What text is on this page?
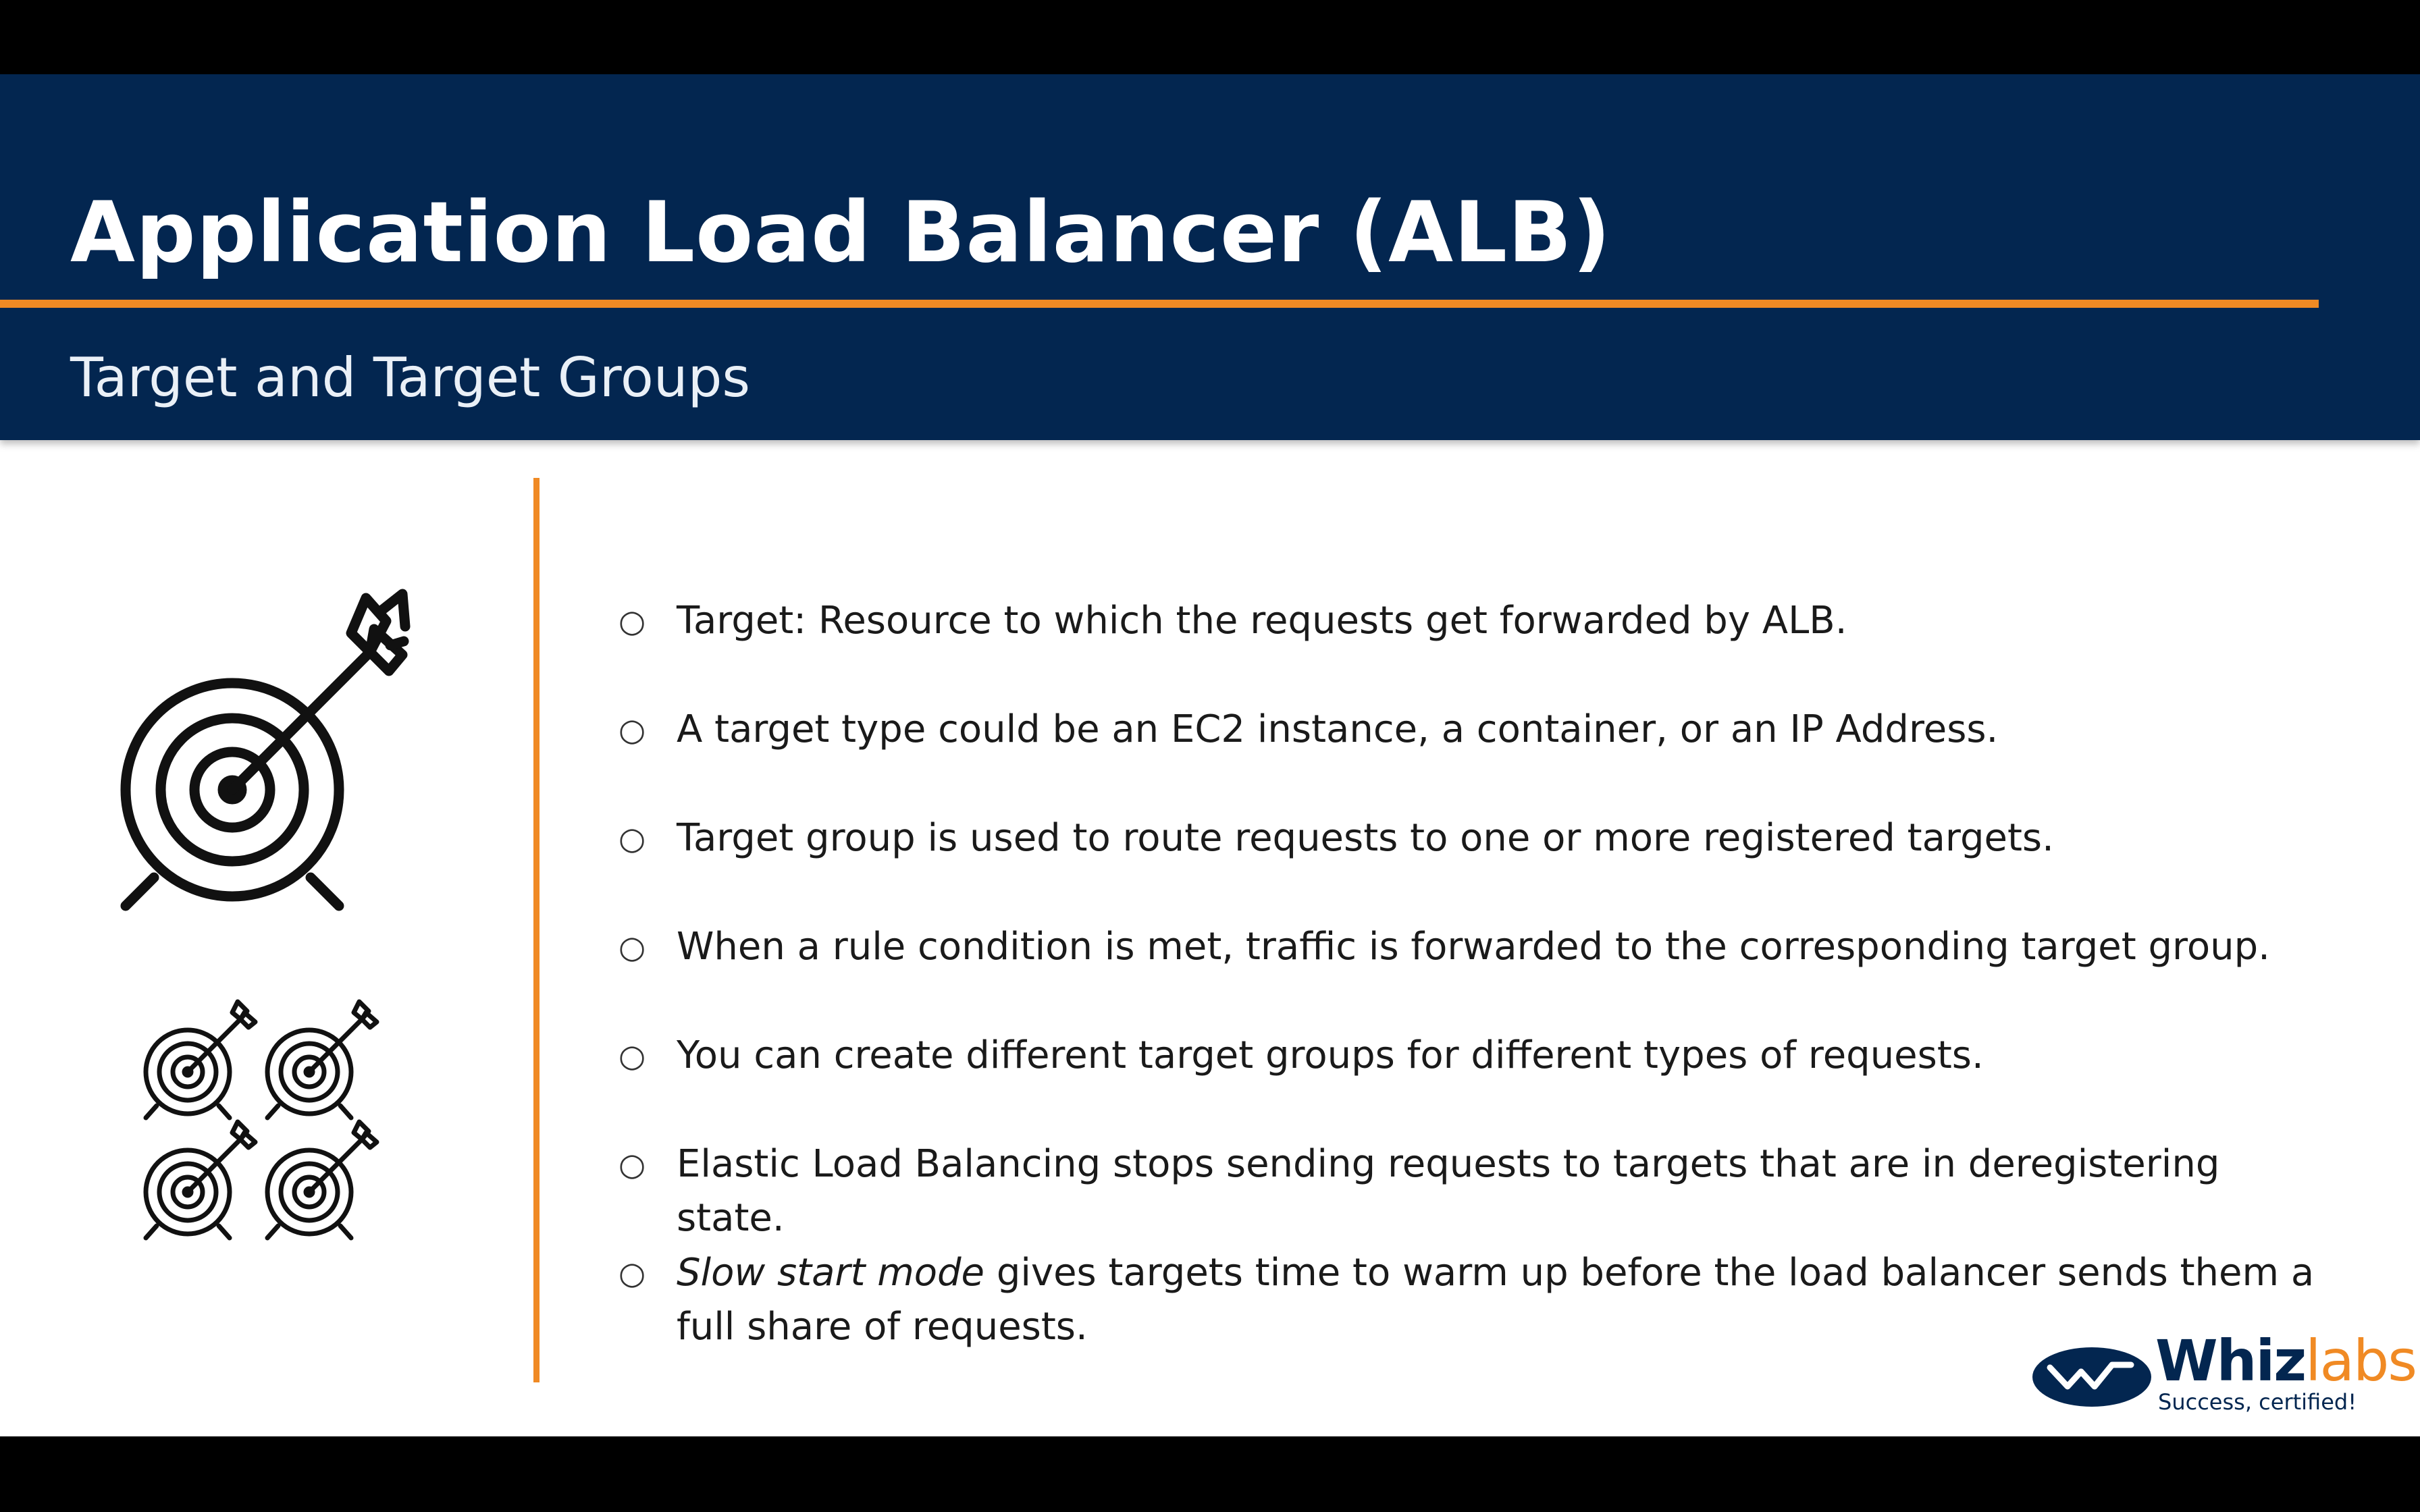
Application Load Balancer (ALB)
Target and Target Groups
○ Target: Resource to which the requests get forwarded by ALB.
○ A target type could be an EC2 instance, a container, or an IP Address.
○ Target group is used to route requests to one or more registered targets.
○ When a rule condition is met, traffic is forwarded to the corresponding target group.
○ You can create different target groups for different types of requests.
○ Elastic Load Balancing stops sending requests to targets that are in deregistering state.
○ Slow start mode gives targets time to warm up before the load balancer sends them a full share of requests.
Whizlabs
Success, certified!
